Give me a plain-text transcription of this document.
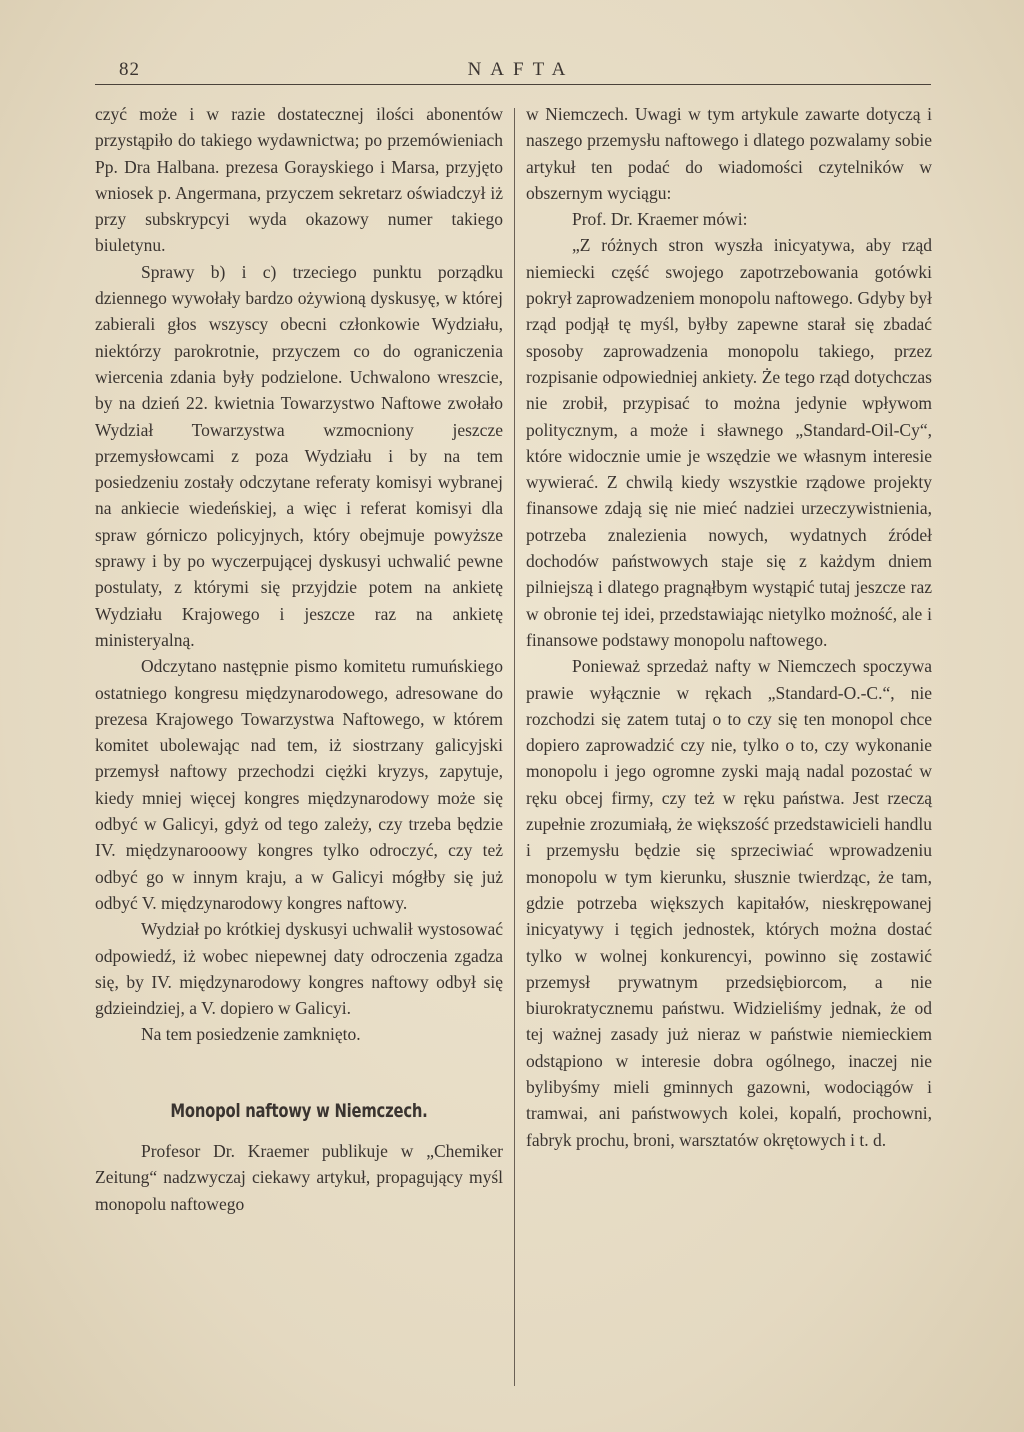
82	NAFTA

czyć może i w razie dostatecznej ilości abonentów przystąpiło do takiego wydawnictwa; po przemówieniach Pp. Dra Halbana. prezesa Gorayskiego i Marsa, przyjęto wniosek p. Angermana, przyczem sekretarz oświadczył iż przy subskrypcyi wyda okazowy numer takiego biuletynu.

Sprawy b) i c) trzeciego punktu porządku dziennego wywołały bardzo ożywioną dyskusyę, w której zabierali głos wszyscy obecni członkowie Wydziału, niektórzy parokrotnie, przyczem co do ograniczenia wiercenia zdania były podzielone. Uchwalono wreszcie, by na dzień 22. kwietnia Towarzystwo Naftowe zwołało Wydział Towarzystwa wzmocniony jeszcze przemysłowcami z poza Wydziału i by na tem posiedzeniu zostały odczytane referaty komisyi wybranej na ankiecie wiedeńskiej, a więc i referat komisyi dla spraw górniczo policyjnych, który obejmuje powyższe sprawy i by po wyczerpującej dyskusyi uchwalić pewne postulaty, z którymi się przyjdzie potem na ankietę Wydziału Krajowego i jeszcze raz na ankietę ministeryalną.

Odczytano następnie pismo komitetu rumuńskiego ostatniego kongresu międzynarodowego, adresowane do prezesa Krajowego Towarzystwa Naftowego, w którem komitet ubolewając nad tem, iż siostrzany galicyjski przemysł naftowy przechodzi ciężki kryzys, zapytuje, kiedy mniej więcej kongres międzynarodowy może się odbyć w Galicyi, gdyż od tego zależy, czy trzeba będzie IV. międzynarooowy kongres tylko odroczyć, czy też odbyć go w innym kraju, a w Galicyi mógłby się już odbyć V. międzynarodowy kongres naftowy.

Wydział po krótkiej dyskusyi uchwalił wystosować odpowiedź, iż wobec niepewnej daty odroczenia zgadza się, by IV. międzynarodowy kongres naftowy odbył się gdzieindziej, a V. dopiero w Galicyi.

Na tem posiedzenie zamknięto.

Monopol naftowy w Niemczech.

Profesor Dr. Kraemer publikuje w „Chemiker Zeitung“ nadzwyczaj ciekawy artykuł, propagujący myśl monopolu naftowego

w Niemczech. Uwagi w tym artykule zawarte dotyczą i naszego przemysłu naftowego i dlatego pozwalamy sobie artykuł ten podać do wiadomości czytelników w obszernym wyciągu:

Prof. Dr. Kraemer mówi:

„Z różnych stron wyszła inicyatywa, aby rząd niemiecki część swojego zapotrzebowania gotówki pokrył zaprowadzeniem monopolu naftowego. Gdyby był rząd podjął tę myśl, byłby zapewne starał się zbadać sposoby zaprowadzenia monopolu takiego, przez rozpisanie odpowiedniej ankiety. Że tego rząd dotychczas nie zrobił, przypisać to można jedynie wpływom politycznym, a może i sławnego „Standard-Oil-Cy“, które widocznie umie je wszędzie we własnym interesie wywierać. Z chwilą kiedy wszystkie rządowe projekty finansowe zdają się nie mieć nadziei urzeczywistnienia, potrzeba znalezienia nowych, wydatnych źródeł dochodów państwowych staje się z każdym dniem pilniejszą i dlatego pragnąłbym wystąpić tutaj jeszcze raz w obronie tej idei, przedstawiając nietylko możność, ale i finansowe podstawy monopolu naftowego.

Ponieważ sprzedaż nafty w Niemczech spoczywa prawie wyłącznie w rękach „Standard-O.-C.“, nie rozchodzi się zatem tutaj o to czy się ten monopol chce dopiero zaprowadzić czy nie, tylko o to, czy wykonanie monopolu i jego ogromne zyski mają nadal pozostać w ręku obcej firmy, czy też w ręku państwa. Jest rzeczą zupełnie zrozumiałą, że większość przedstawicieli handlu i przemysłu będzie się sprzeciwiać wprowadzeniu monopolu w tym kierunku, słusznie twierdząc, że tam, gdzie potrzeba większych kapitałów, nieskrępowanej inicyatywy i tęgich jednostek, których można dostać tylko w wolnej konkurencyi, powinno się zostawić przemysł prywatnym przedsiębiorcom, a nie biurokratycznemu państwu. Widzieliśmy jednak, że od tej ważnej zasady już nieraz w państwie niemieckiem odstąpiono w interesie dobra ogólnego, inaczej nie bylibyśmy mieli gminnych gazowni, wodociągów i tramwai, ani państwowych kolei, kopalń, prochowni, fabryk prochu, broni, warsztatów okrętowych i t. d.
